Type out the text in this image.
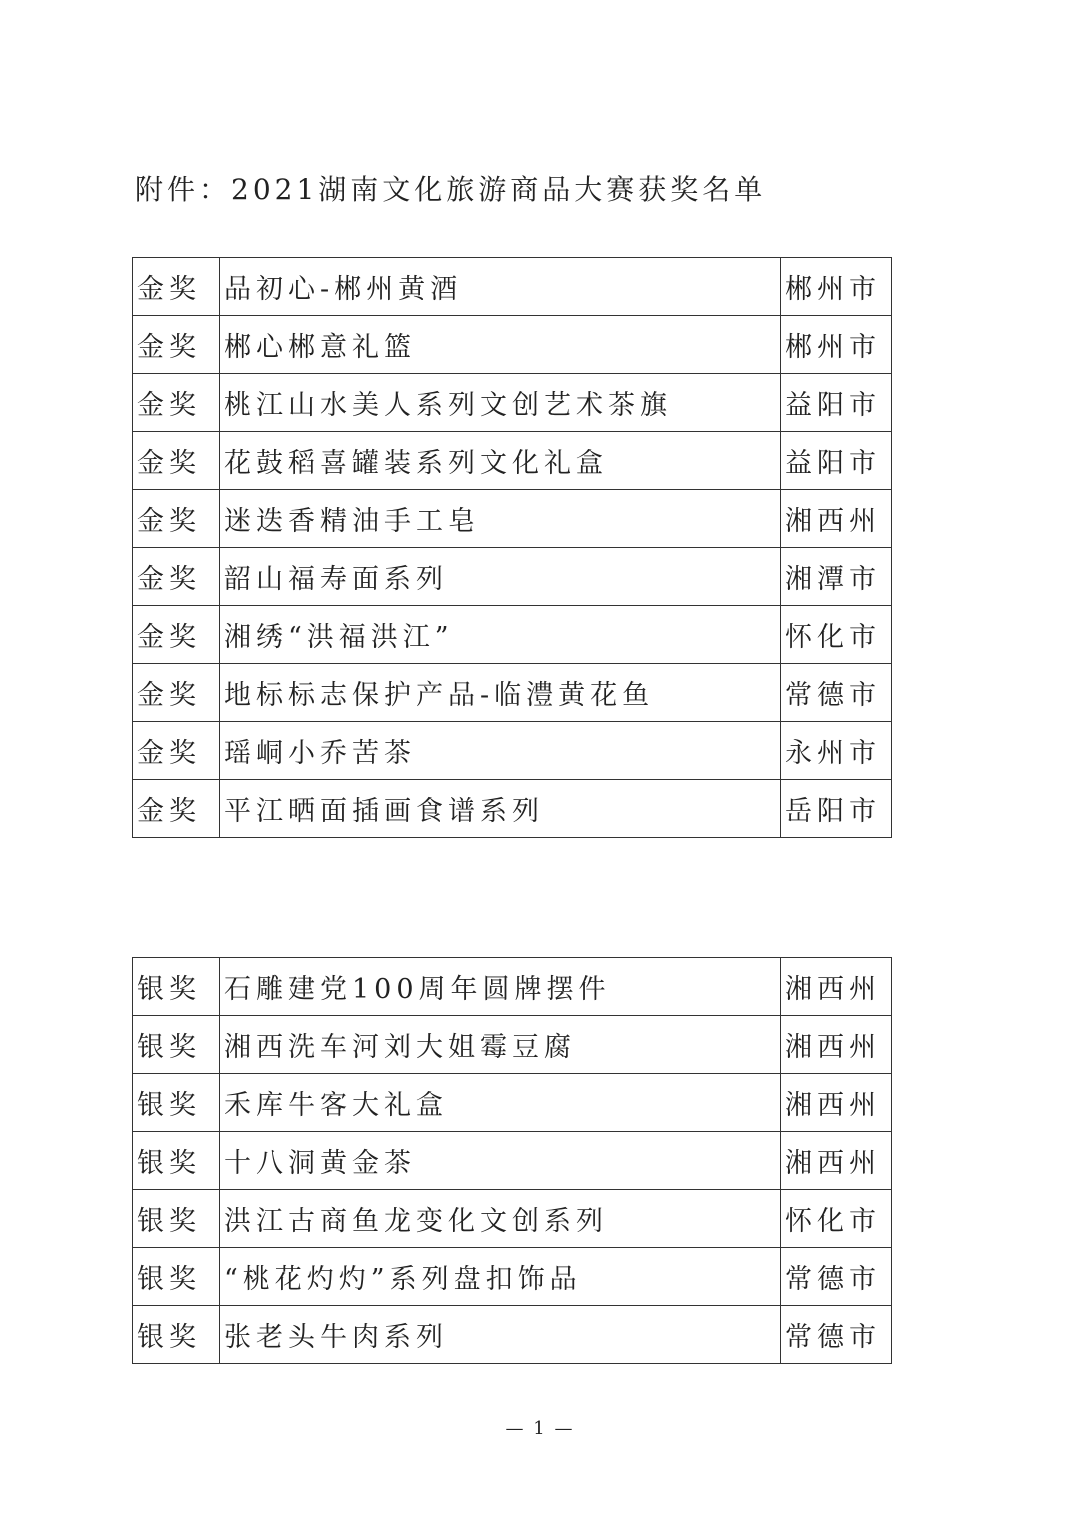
附件：2021湖南文化旅游商品大赛获奖名单
金奖	品初心-郴州黄酒	郴州市
金奖	郴心郴意礼篮	郴州市
金奖	桃江山水美人系列文创艺术茶旗	益阳市
金奖	花鼓稻喜罐装系列文化礼盒	益阳市
金奖	迷迭香精油手工皂	湘西州
金奖	韶山福寿面系列	湘潭市
金奖	湘绣“洪福洪江”	怀化市
金奖	地标标志保护产品-临澧黄花鱼	常德市
金奖	瑶峒小乔苦茶	永州市
金奖	平江晒面插画食谱系列	岳阳市
银奖	石雕建党100周年圆牌摆件	湘西州
银奖	湘西洗车河刘大姐霉豆腐	湘西州
银奖	禾库牛客大礼盒	湘西州
银奖	十八洞黄金茶	湘西州
银奖	洪江古商鱼龙变化文创系列	怀化市
银奖	“桃花灼灼”系列盘扣饰品	常德市
银奖	张老头牛肉系列	常德市
— 1 —
